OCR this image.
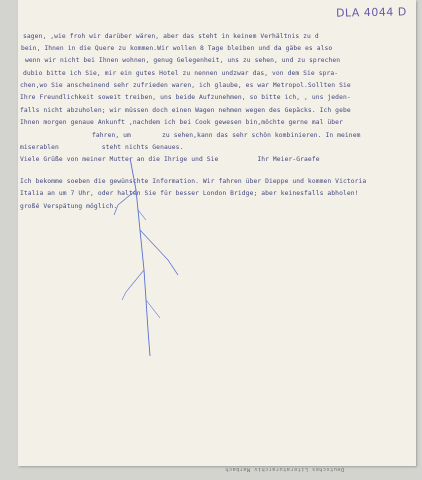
DLA 4044 D
sagen, ,wie froh wir darüber wären, aber das steht in keinem Verhältnis zu d
bein, Ihnen in die Quere zu kommen.Wir wollen 8 Tage bleiben und da gäbe es also
wenn wir nicht bei Ihnen wohnen, genug Gelegenheit, uns zu sehen, und zu sprechen
dubio bitte ich Sie, mir ein gutes Hotel zu nennen undzwar das, von dem Sie spra-
chen,wo Sie anscheinend sehr zufrieden waren, ich glaube, es war Metropol.Sollten Sie
Ihre Freundlichkeit soweit treiben, uns beide Aufzunehmen, so bitte ich, , uns jeden-
falls nicht abzuholen; wir müssen doch einen Wagen nehmen wegen des Gepäcks. Ich gebe
Ihnen morgen genaue Ankunft ,nachdem ich bei Cook gewesen bin,möchte gerne mal über
fahren, um        zu sehen,kann das sehr schön kombinieren. In meinem
miserablen           steht nichts Genaues.
Viele Grüße von meiner Mutter an die Ihrige und Sie          Ihr Meier-Graefe
Ich bekomme soeben die gewünschte Information. Wir fahren über Dieppe und kommen Victoria
Italia an um 7 Uhr, oder halten Sie für besser London Bridge; aber keinesfalls abholen!
großé Verspätung möglich.
Deutsches Literaturarchiv Marbach
